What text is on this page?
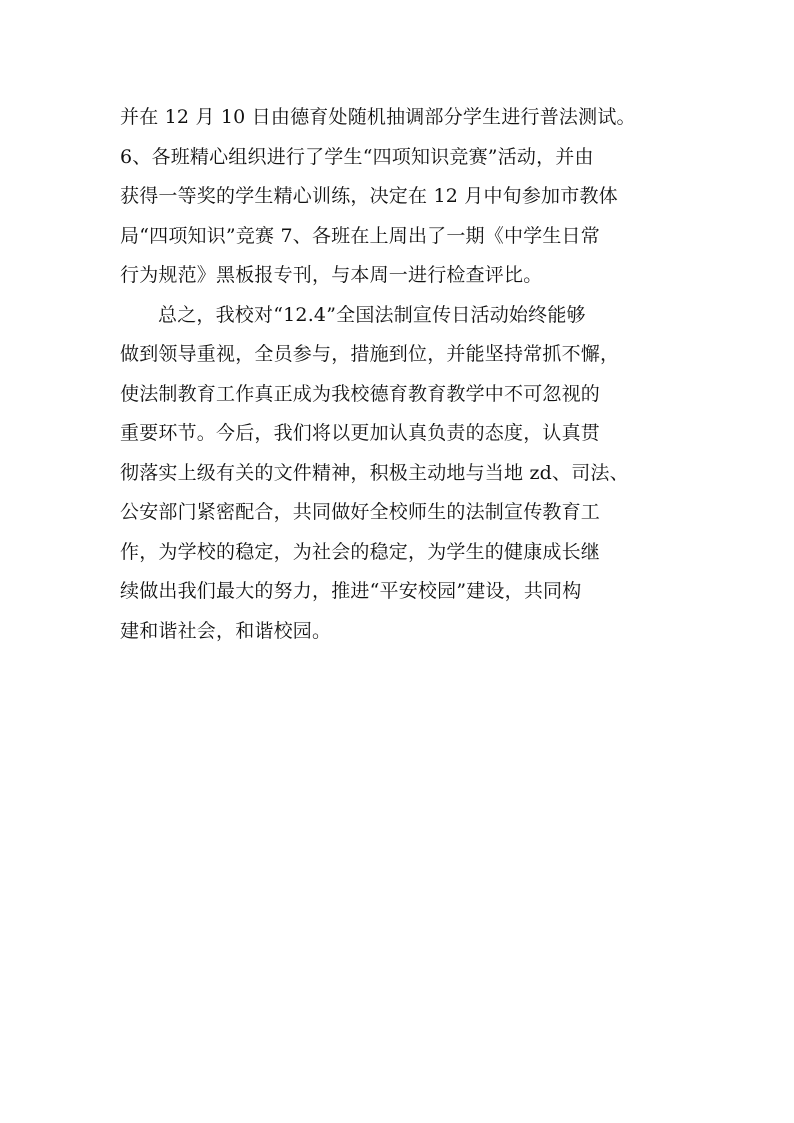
并在 12 月 10 日由德育处随机抽调部分学生进行普法测试。

6、各班精心组织进行了学生“四项知识竞赛”活动，并由

获得一等奖的学生精心训练，决定在 12 月中旬参加市教体

局“四项知识”竞赛 7、各班在上周出了一期《中学生日常

行为规范》黑板报专刊，与本周一进行检查评比。

总之，我校对“12.4”全国法制宣传日活动始终能够

做到领导重视，全员参与，措施到位，并能坚持常抓不懈，

使法制教育工作真正成为我校德育教育教学中不可忽视的

重要环节。今后，我们将以更加认真负责的态度，认真贯

彻落实上级有关的文件精神，积极主动地与当地 zd、司法、

公安部门紧密配合，共同做好全校师生的法制宣传教育工

作，为学校的稳定，为社会的稳定，为学生的健康成长继

续做出我们最大的努力，推进“平安校园”建设，共同构

建和谐社会，和谐校园。
